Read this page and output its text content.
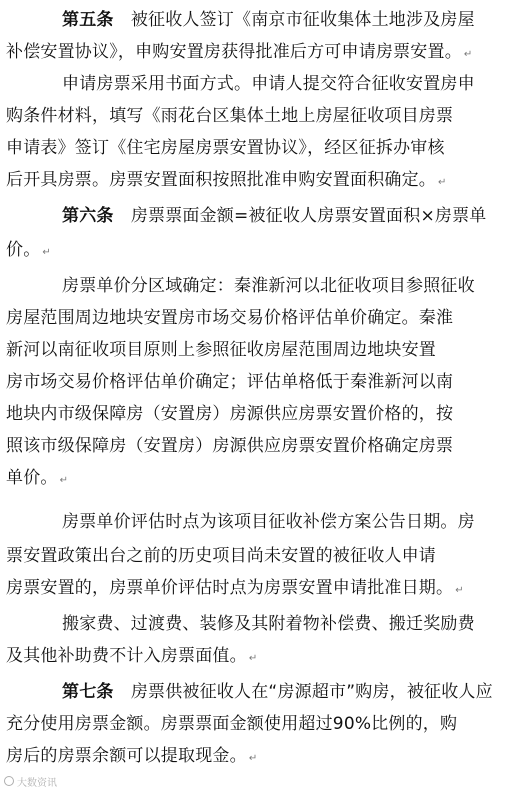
第五条　 被征收人签订《南京市征收集体土地涉及房屋
补偿安置协议》，申购安置房获得批准后方可申请房票安置。 ↵
申请房票采用书面方式。申请人提交符合征收安置房申
购条件材料，填写《雨花台区集体土地上房屋征收项目房票
申请表》签订《住宅房屋房票安置协议》，经区征拆办审核
后开具房票。房票安置面积按照批准申购安置面积确定。 ↵
第六条　 房票票面金额=被征收人房票安置面积×房票单
价。 ↵
房票单价分区域确定：秦淮新河以北征收项目参照征收
房屋范围周边地块安置房市场交易价格评估单价确定。秦淮
新河以南征收项目原则上参照征收房屋范围周边地块安置
房市场交易价格评估单价确定；评估单格低于秦淮新河以南
地块内市级保障房（安置房）房源供应房票安置价格的，按
照该市级保障房（安置房）房源供应房票安置价格确定房票
单价。 ↵
房票单价评估时点为该项目征收补偿方案公告日期。房
票安置政策出台之前的历史项目尚未安置的被征收人申请
房票安置的，房票单价评估时点为房票安置申请批准日期。 ↵
搬家费、过渡费、装修及其附着物补偿费、搬迁奖励费
及其他补助费不计入房票面值。 ↵
第七条　 房票供被征收人在“房源超市”购房，被征收人应
充分使用房票金额。房票票面金额使用超过90%比例的，购
房后的房票余额可以提取现金。 ↵
大数资讯
